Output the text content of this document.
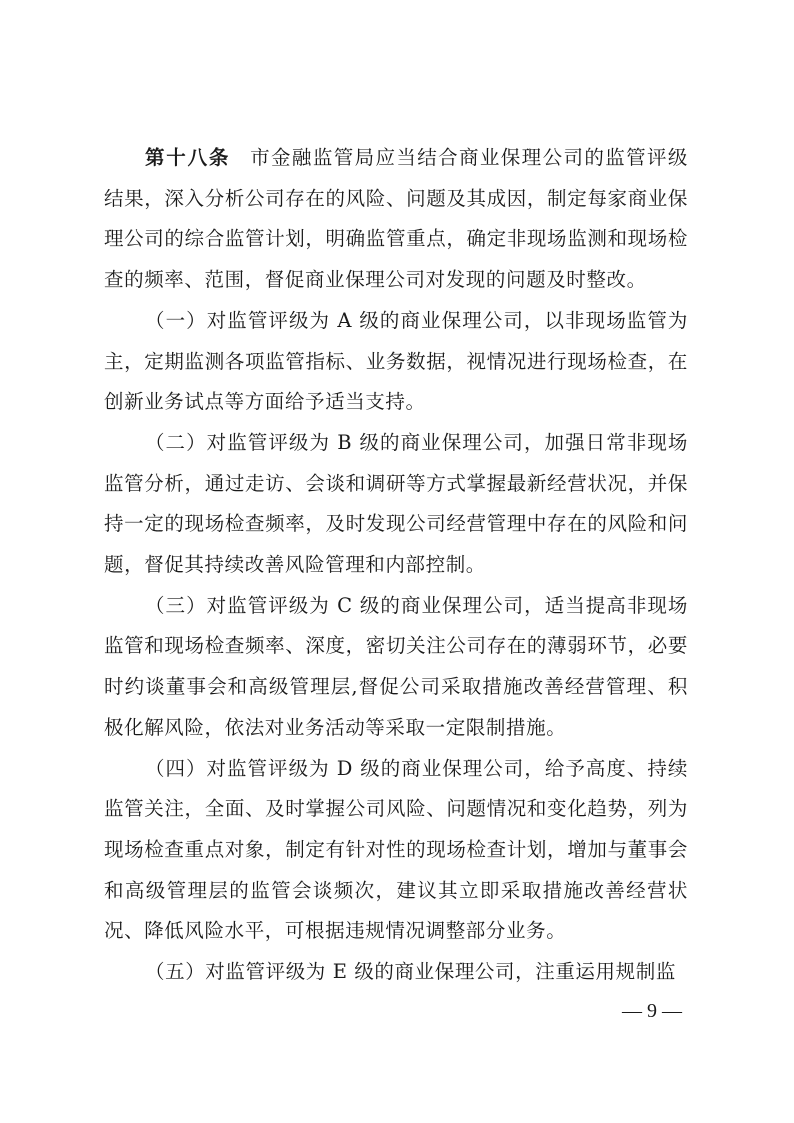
第十八条 市金融监管局应当结合商业保理公司的监管评级结果，深入分析公司存在的风险、问题及其成因，制定每家商业保理公司的综合监管计划，明确监管重点，确定非现场监测和现场检查的频率、范围，督促商业保理公司对发现的问题及时整改。

（一）对监管评级为 A 级的商业保理公司，以非现场监管为主，定期监测各项监管指标、业务数据，视情况进行现场检查，在创新业务试点等方面给予适当支持。

（二）对监管评级为 B 级的商业保理公司，加强日常非现场监管分析，通过走访、会谈和调研等方式掌握最新经营状况，并保持一定的现场检查频率，及时发现公司经营管理中存在的风险和问题，督促其持续改善风险管理和内部控制。

（三）对监管评级为 C 级的商业保理公司，适当提高非现场监管和现场检查频率、深度，密切关注公司存在的薄弱环节，必要时约谈董事会和高级管理层,督促公司采取措施改善经营管理、积极化解风险，依法对业务活动等采取一定限制措施。

（四）对监管评级为 D 级的商业保理公司，给予高度、持续监管关注，全面、及时掌握公司风险、问题情况和变化趋势，列为现场检查重点对象，制定有针对性的现场检查计划，增加与董事会和高级管理层的监管会谈频次，建议其立即采取措施改善经营状况、降低风险水平，可根据违规情况调整部分业务。

（五）对监管评级为 E 级的商业保理公司，注重运用规制监

— 9 —
